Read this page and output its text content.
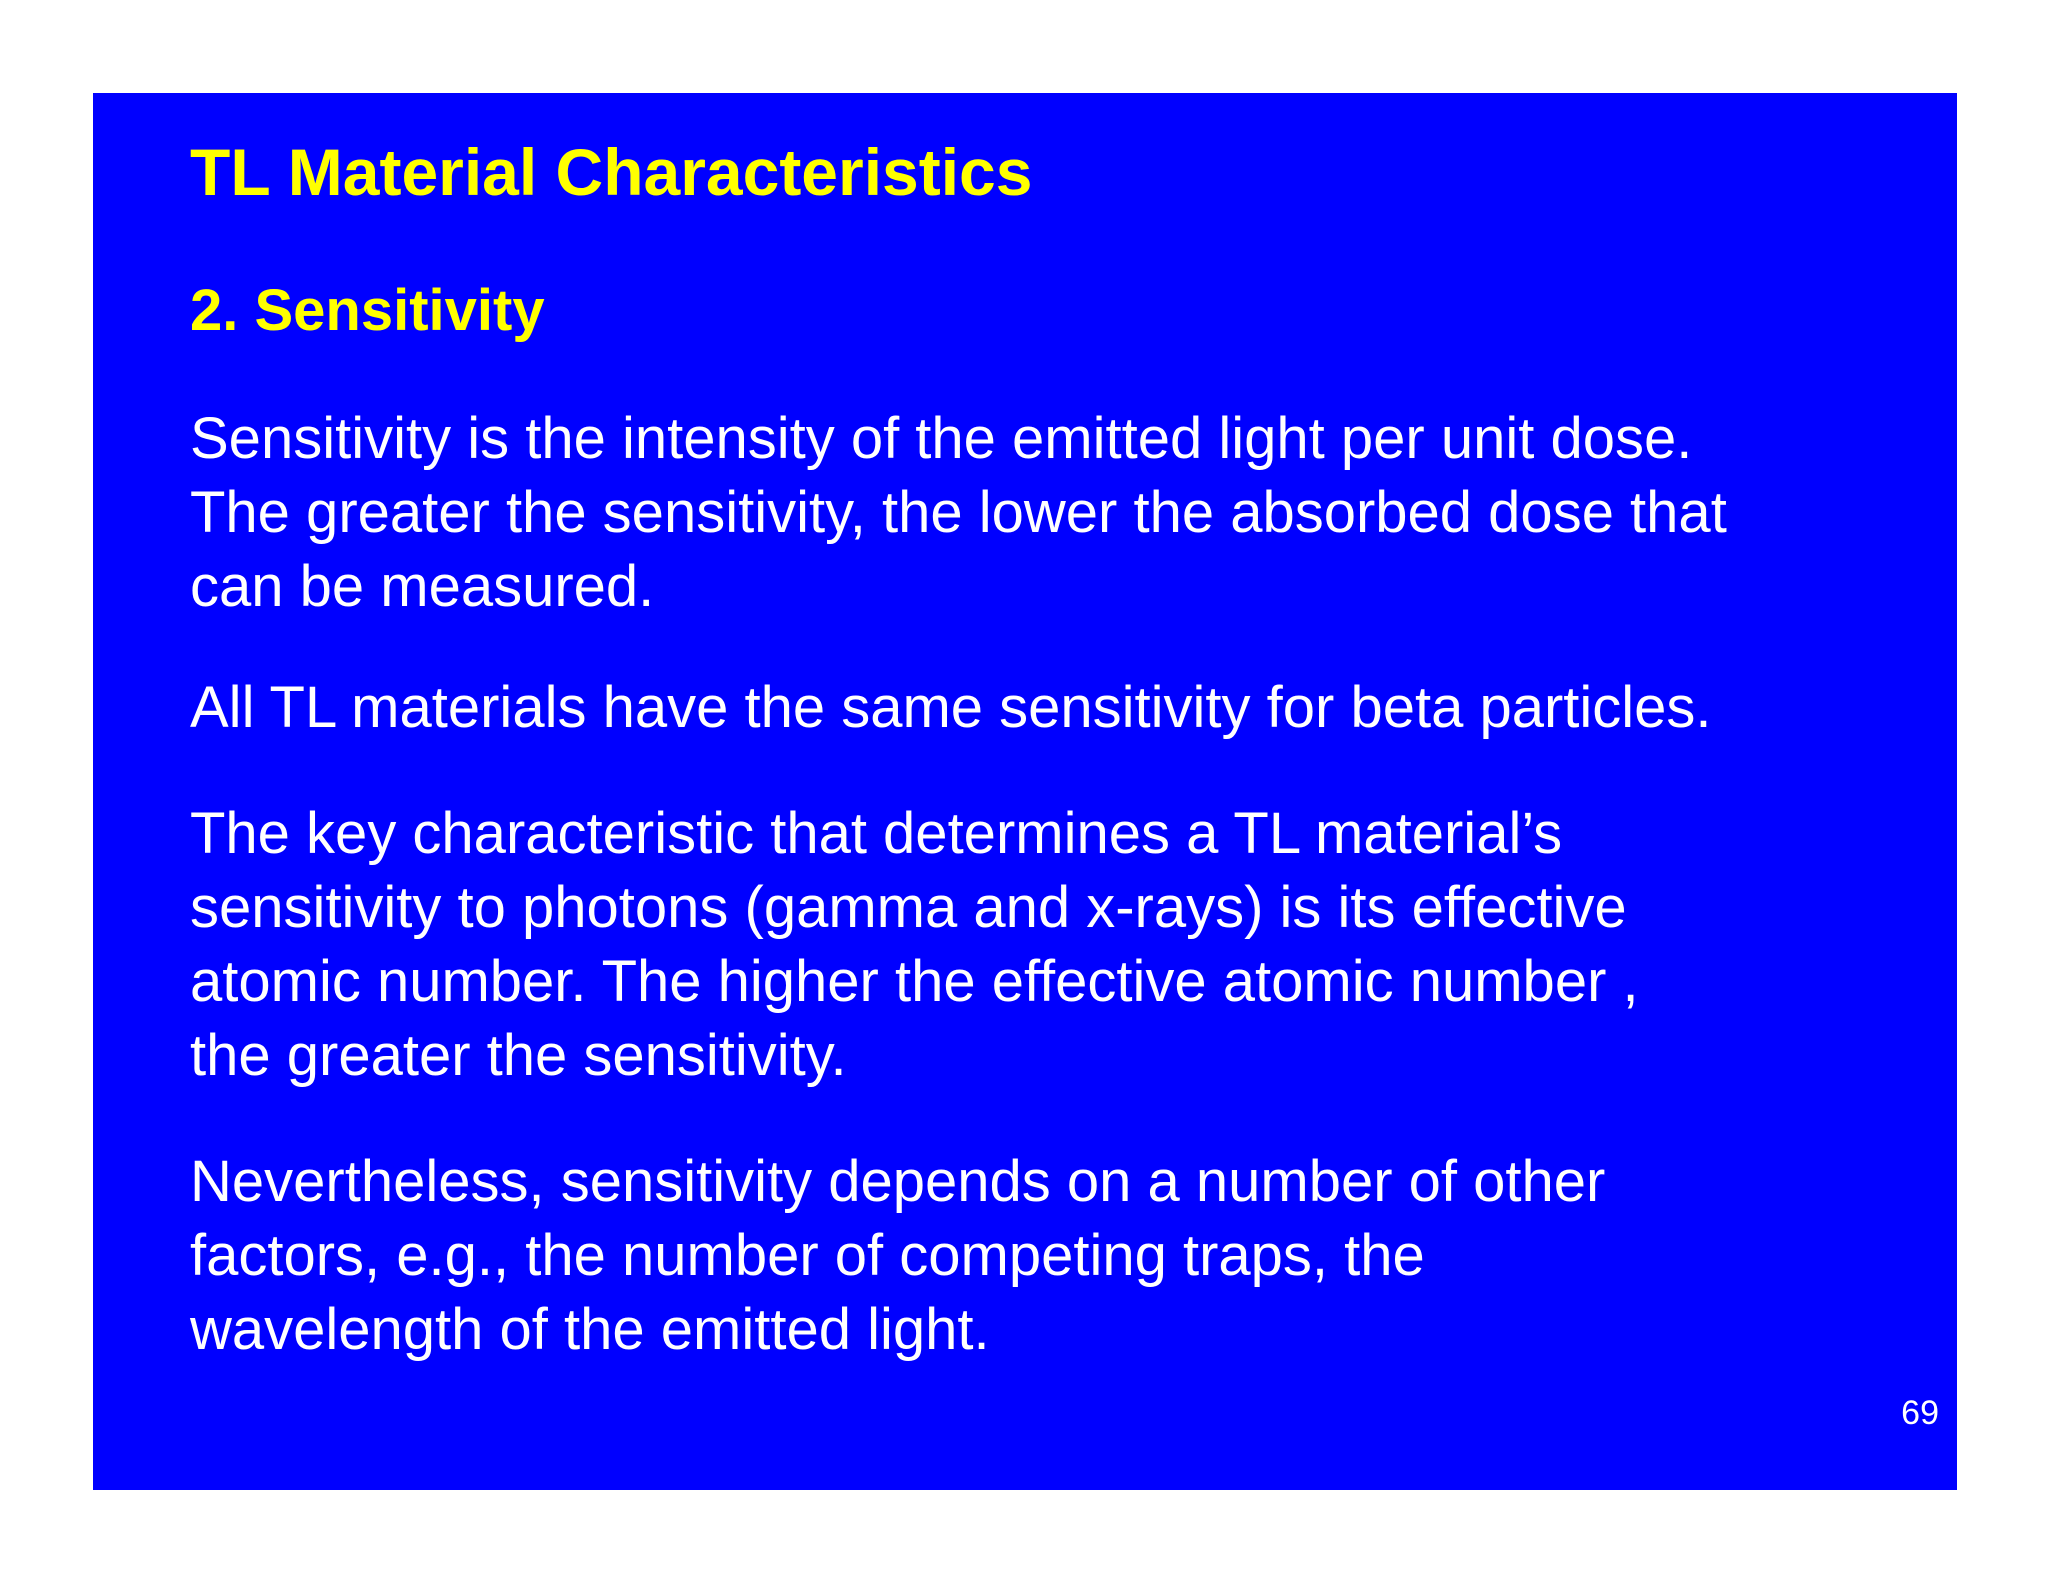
TL Material Characteristics
2. Sensitivity

Sensitivity is the intensity of the emitted light per unit dose.
The greater the sensitivity, the lower the absorbed dose that
can be measured.

All TL materials have the same sensitivity for beta particles.

The key characteristic that determines a TL material’s
sensitivity to photons (gamma and x-rays) is its effective
atomic number. The higher the effective atomic number ,
the greater the sensitivity.

Nevertheless, sensitivity depends on a number of other
factors, e.g., the number of competing traps, the
wavelength of the emitted light.

69
